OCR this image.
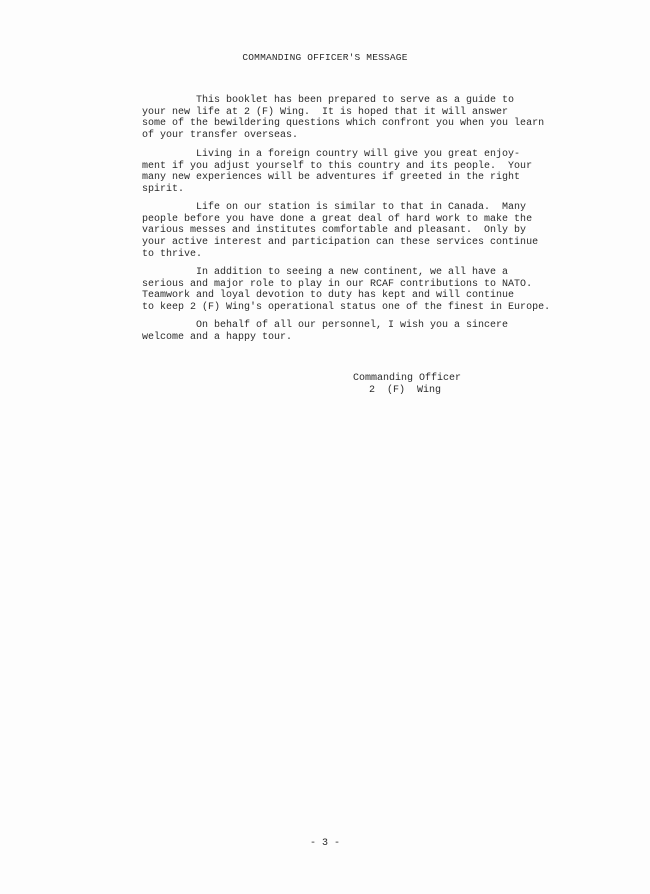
COMMANDING OFFICER'S MESSAGE
This booklet has been prepared to serve as a guide to
your new life at 2 (F) Wing.  It is hoped that it will answer
some of the bewildering questions which confront you when you learn
of your transfer overseas.
Living in a foreign country will give you great enjoy-
ment if you adjust yourself to this country and its people.  Your
many new experiences will be adventures if greeted in the right
spirit.
Life on our station is similar to that in Canada.  Many
people before you have done a great deal of hard work to make the
various messes and institutes comfortable and pleasant.  Only by
your active interest and participation can these services continue
to thrive.
In addition to seeing a new continent, we all have a
serious and major role to play in our RCAF contributions to NATO.
Teamwork and loyal devotion to duty has kept and will continue
to keep 2 (F) Wing's operational status one of the finest in Europe.
On behalf of all our personnel, I wish you a sincere
welcome and a happy tour.
Commanding Officer
2  (F)  Wing
- 3 -
